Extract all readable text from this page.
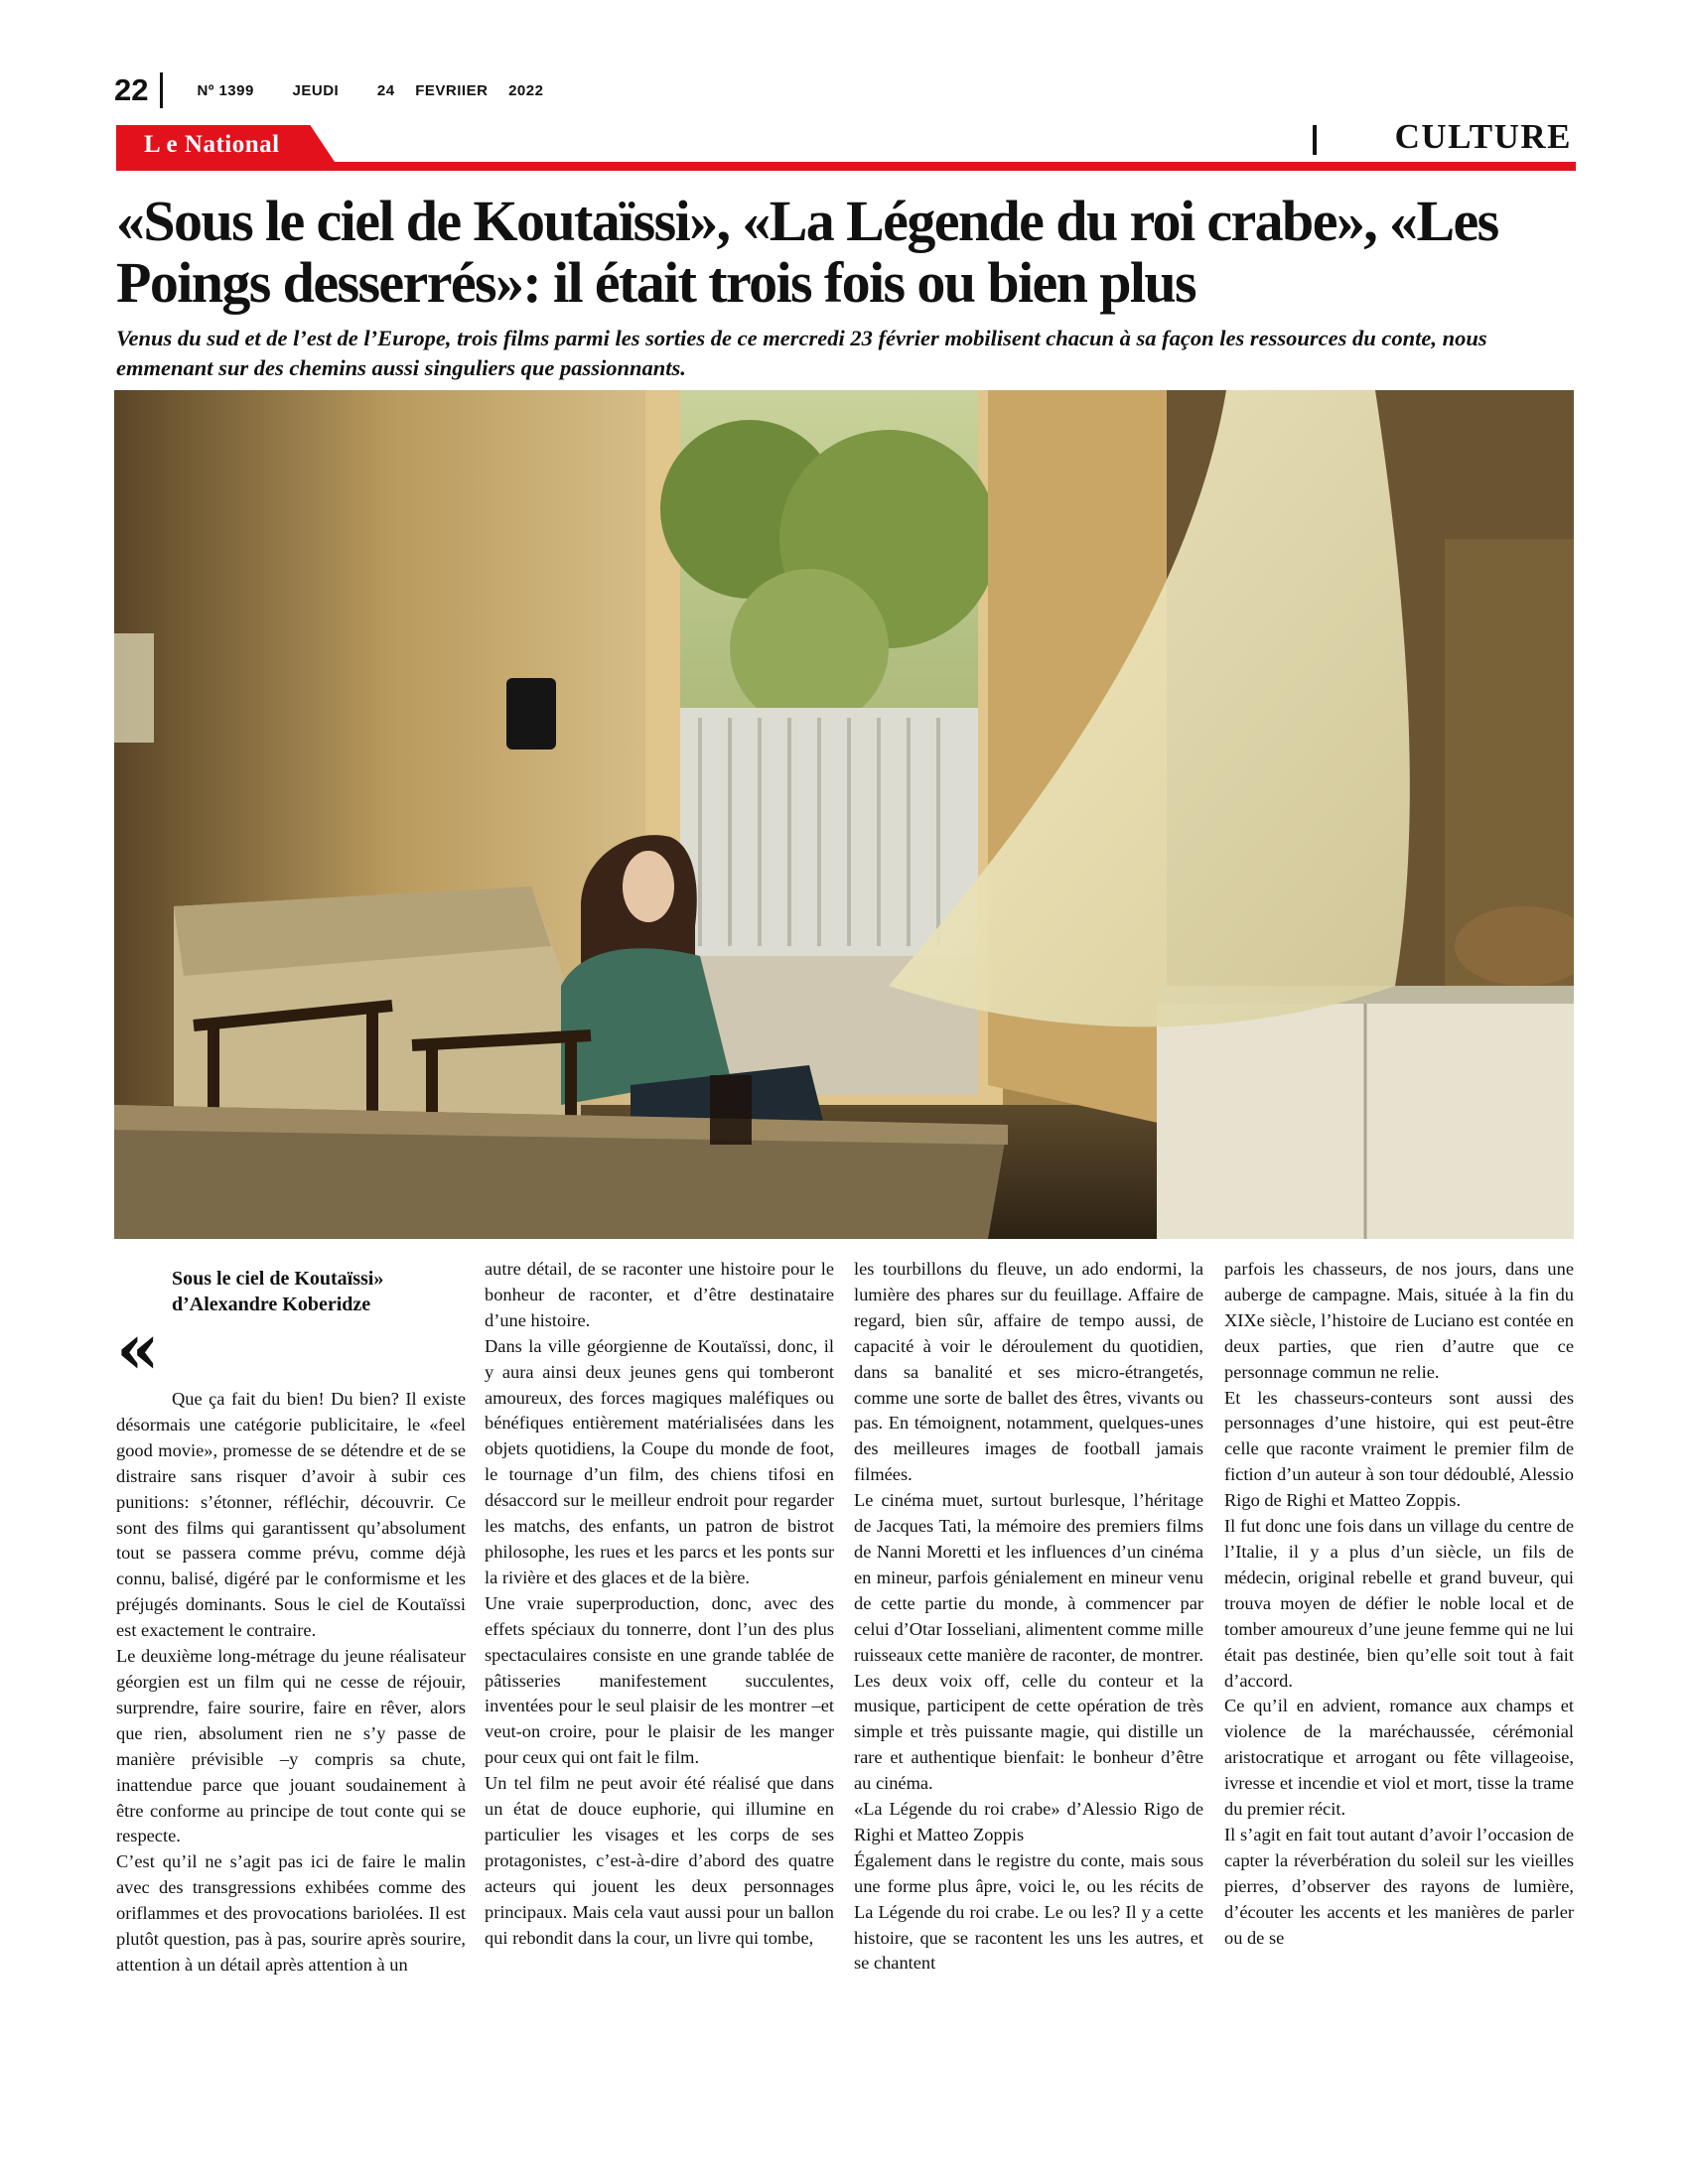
22	Nº 1399	JEUDI	24 FEVRIIER 2022
L e National	CULTURE
«Sous le ciel de Koutaïssi», «La Légende du roi crabe», «Les Poings desserrés»: il était trois fois ou bien plus

Venus du sud et de l’est de l’Europe, trois films parmi les sorties de ce mercredi 23 février mobilisent chacun à sa façon les ressources du conte, nous emmenant sur des chemins aussi singuliers que passionnants.

Sous le ciel de Koutaïssi» d’Alexandre Koberidze

«

Que ça fait du bien! Du bien? Il existe désormais une catégorie publicitaire, le «feel good movie», promesse de se détendre et de se distraire sans risquer d’avoir à subir ces punitions: s’étonner, réfléchir, découvrir. Ce sont des films qui garantissent qu’absolument tout se passera comme prévu, comme déjà connu, balisé, digéré par le conformisme et les préjugés dominants. Sous le ciel de Koutaïssi est exactement le contraire.

Le deuxième long-métrage du jeune réalisateur géorgien est un film qui ne cesse de réjouir, surprendre, faire sourire, faire en rêver, alors que rien, absolument rien ne s’y passe de manière prévisible –y compris sa chute, inattendue parce que jouant soudainement à être conforme au principe de tout conte qui se respecte.

C’est qu’il ne s’agit pas ici de faire le malin avec des transgressions exhibées comme des oriflammes et des provocations bariolées. Il est plutôt question, pas à pas, sourire après sourire, attention à un détail après attention à un

autre détail, de se raconter une histoire pour le bonheur de raconter, et d’être destinataire d’une histoire.

Dans la ville géorgienne de Koutaïssi, donc, il y aura ainsi deux jeunes gens qui tomberont amoureux, des forces magiques maléfiques ou bénéfiques entièrement matérialisées dans les objets quotidiens, la Coupe du monde de foot, le tournage d’un film, des chiens tifosi en désaccord sur le meilleur endroit pour regarder les matchs, des enfants, un patron de bistrot philosophe, les rues et les parcs et les ponts sur la rivière et des glaces et de la bière.

Une vraie superproduction, donc, avec des effets spéciaux du tonnerre, dont l’un des plus spectaculaires consiste en une grande tablée de pâtisseries manifestement succulentes, inventées pour le seul plaisir de les montrer –et veut-on croire, pour le plaisir de les manger pour ceux qui ont fait le film.

Un tel film ne peut avoir été réalisé que dans un état de douce euphorie, qui illumine en particulier les visages et les corps de ses protagonistes, c’est-à-dire d’abord des quatre acteurs qui jouent les deux personnages principaux. Mais cela vaut aussi pour un ballon qui rebondit dans la cour, un livre qui tombe,

les tourbillons du fleuve, un ado endormi, la lumière des phares sur du feuillage. Affaire de regard, bien sûr, affaire de tempo aussi, de capacité à voir le déroulement du quotidien, dans sa banalité et ses micro-étrangetés, comme une sorte de ballet des êtres, vivants ou pas. En témoignent, notamment, quelques-unes des meilleures images de football jamais filmées.

Le cinéma muet, surtout burlesque, l’héritage de Jacques Tati, la mémoire des premiers films de Nanni Moretti et les influences d’un cinéma en mineur, parfois génialement en mineur venu de cette partie du monde, à commencer par celui d’Otar Iosseliani, alimentent comme mille ruisseaux cette manière de raconter, de montrer. Les deux voix off, celle du conteur et la musique, participent de cette opération de très simple et très puissante magie, qui distille un rare et authentique bienfait: le bonheur d’être au cinéma.

«La Légende du roi crabe» d’Alessio Rigo de Righi et Matteo Zoppis

Également dans le registre du conte, mais sous une forme plus âpre, voici le, ou les récits de La Légende du roi crabe. Le ou les? Il y a cette histoire, que se racontent les uns les autres, et se chantent

parfois les chasseurs, de nos jours, dans une auberge de campagne. Mais, située à la fin du XIXe siècle, l’histoire de Luciano est contée en deux parties, que rien d’autre que ce personnage commun ne relie.

Et les chasseurs-conteurs sont aussi des personnages d’une histoire, qui est peut-être celle que raconte vraiment le premier film de fiction d’un auteur à son tour dédoublé, Alessio Rigo de Righi et Matteo Zoppis.

Il fut donc une fois dans un village du centre de l’Italie, il y a plus d’un siècle, un fils de médecin, original rebelle et grand buveur, qui trouva moyen de défier le noble local et de tomber amoureux d’une jeune femme qui ne lui était pas destinée, bien qu’elle soit tout à fait d’accord.

Ce qu’il en advient, romance aux champs et violence de la maréchaussée, cérémonial aristocratique et arrogant ou fête villageoise, ivresse et incendie et viol et mort, tisse la trame du premier récit.

Il s’agit en fait tout autant d’avoir l’occasion de capter la réverbération du soleil sur les vieilles pierres, d’observer des rayons de lumière, d’écouter les accents et les manières de parler ou de se
